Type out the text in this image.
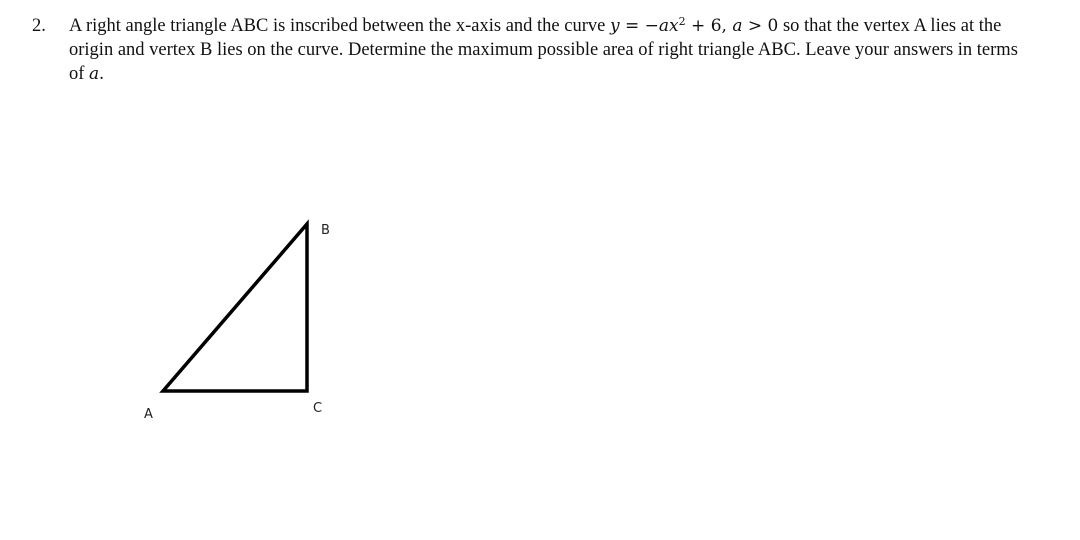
2. A right angle triangle ABC is inscribed between the x-axis and the curve $y = -ax^2 + 6$, a > 0 so that the vertex A lies at the origin and vertex B lies on the curve. Determine the maximum possible area of right triangle ABC. Leave your answers in terms of a.
A
B
C
